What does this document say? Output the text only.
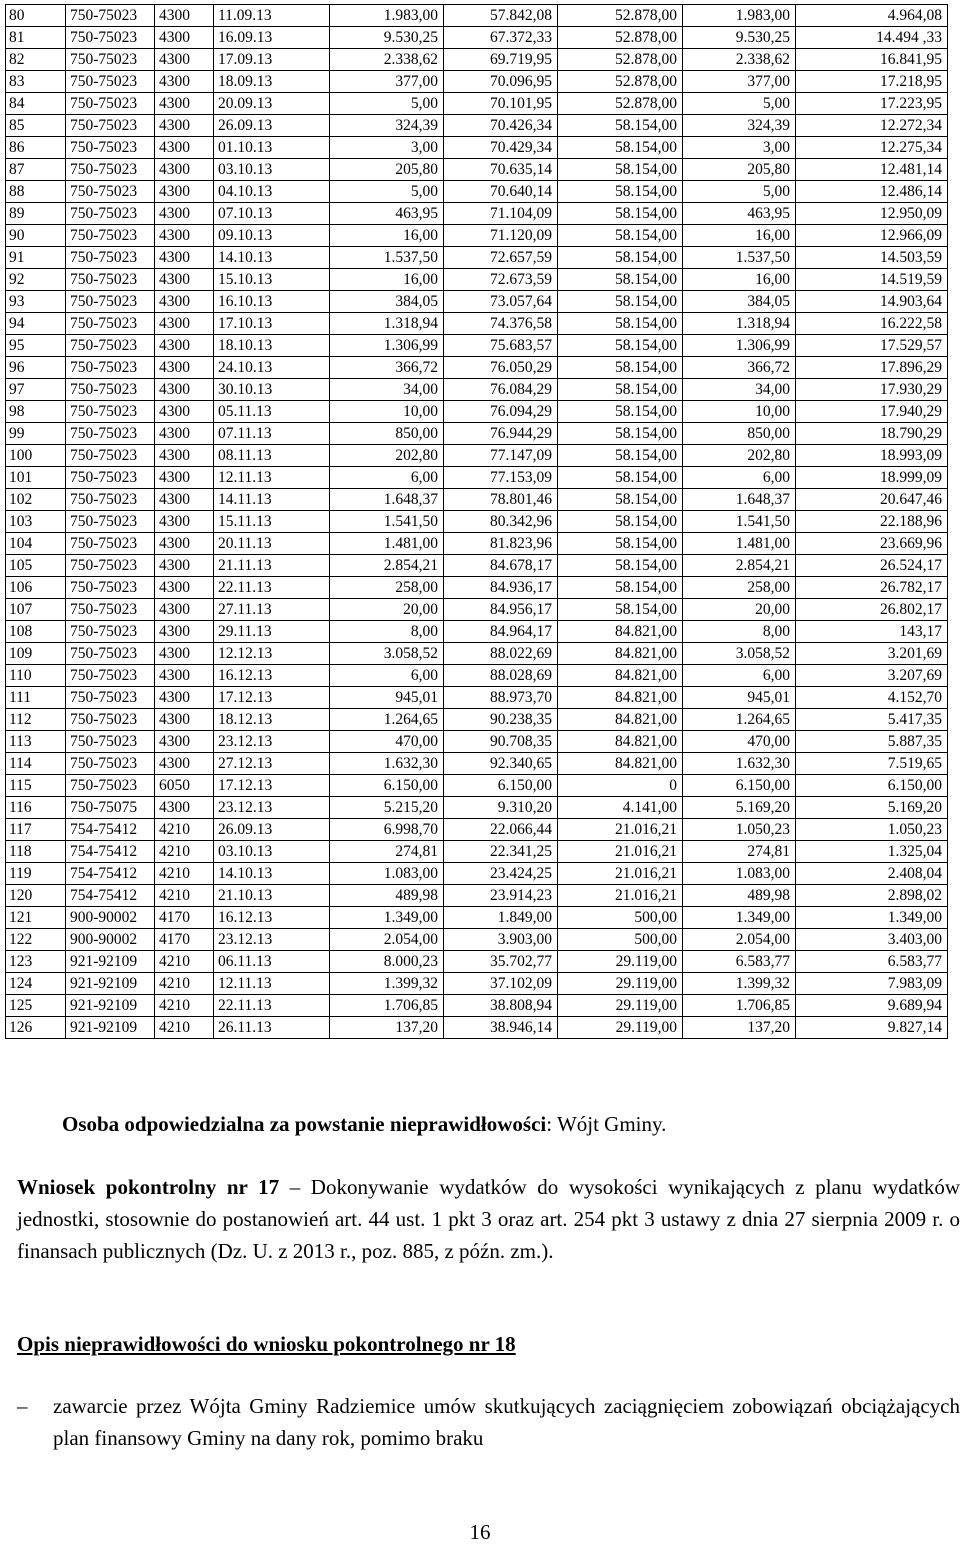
80	750-75023	4300	11.09.13	1.983,00	57.842,08	52.878,00	1.983,00	4.964,08
81	750-75023	4300	16.09.13	9.530,25	67.372,33	52.878,00	9.530,25	14.494 ,33
82	750-75023	4300	17.09.13	2.338,62	69.719,95	52.878,00	2.338,62	16.841,95
83	750-75023	4300	18.09.13	377,00	70.096,95	52.878,00	377,00	17.218,95
84	750-75023	4300	20.09.13	5,00	70.101,95	52.878,00	5,00	17.223,95
85	750-75023	4300	26.09.13	324,39	70.426,34	58.154,00	324,39	12.272,34
86	750-75023	4300	01.10.13	3,00	70.429,34	58.154,00	3,00	12.275,34
87	750-75023	4300	03.10.13	205,80	70.635,14	58.154,00	205,80	12.481,14
88	750-75023	4300	04.10.13	5,00	70.640,14	58.154,00	5,00	12.486,14
89	750-75023	4300	07.10.13	463,95	71.104,09	58.154,00	463,95	12.950,09
90	750-75023	4300	09.10.13	16,00	71.120,09	58.154,00	16,00	12.966,09
91	750-75023	4300	14.10.13	1.537,50	72.657,59	58.154,00	1.537,50	14.503,59
92	750-75023	4300	15.10.13	16,00	72.673,59	58.154,00	16,00	14.519,59
93	750-75023	4300	16.10.13	384,05	73.057,64	58.154,00	384,05	14.903,64
94	750-75023	4300	17.10.13	1.318,94	74.376,58	58.154,00	1.318,94	16.222,58
95	750-75023	4300	18.10.13	1.306,99	75.683,57	58.154,00	1.306,99	17.529,57
96	750-75023	4300	24.10.13	366,72	76.050,29	58.154,00	366,72	17.896,29
97	750-75023	4300	30.10.13	34,00	76.084,29	58.154,00	34,00	17.930,29
98	750-75023	4300	05.11.13	10,00	76.094,29	58.154,00	10,00	17.940,29
99	750-75023	4300	07.11.13	850,00	76.944,29	58.154,00	850,00	18.790,29
100	750-75023	4300	08.11.13	202,80	77.147,09	58.154,00	202,80	18.993,09
101	750-75023	4300	12.11.13	6,00	77.153,09	58.154,00	6,00	18.999,09
102	750-75023	4300	14.11.13	1.648,37	78.801,46	58.154,00	1.648,37	20.647,46
103	750-75023	4300	15.11.13	1.541,50	80.342,96	58.154,00	1.541,50	22.188,96
104	750-75023	4300	20.11.13	1.481,00	81.823,96	58.154,00	1.481,00	23.669,96
105	750-75023	4300	21.11.13	2.854,21	84.678,17	58.154,00	2.854,21	26.524,17
106	750-75023	4300	22.11.13	258,00	84.936,17	58.154,00	258,00	26.782,17
107	750-75023	4300	27.11.13	20,00	84.956,17	58.154,00	20,00	26.802,17
108	750-75023	4300	29.11.13	8,00	84.964,17	84.821,00	8,00	143,17
109	750-75023	4300	12.12.13	3.058,52	88.022,69	84.821,00	3.058,52	3.201,69
110	750-75023	4300	16.12.13	6,00	88.028,69	84.821,00	6,00	3.207,69
111	750-75023	4300	17.12.13	945,01	88.973,70	84.821,00	945,01	4.152,70
112	750-75023	4300	18.12.13	1.264,65	90.238,35	84.821,00	1.264,65	5.417,35
113	750-75023	4300	23.12.13	470,00	90.708,35	84.821,00	470,00	5.887,35
114	750-75023	4300	27.12.13	1.632,30	92.340,65	84.821,00	1.632,30	7.519,65
115	750-75023	6050	17.12.13	6.150,00	6.150,00	0	6.150,00	6.150,00
116	750-75075	4300	23.12.13	5.215,20	9.310,20	4.141,00	5.169,20	5.169,20
117	754-75412	4210	26.09.13	6.998,70	22.066,44	21.016,21	1.050,23	1.050,23
118	754-75412	4210	03.10.13	274,81	22.341,25	21.016,21	274,81	1.325,04
119	754-75412	4210	14.10.13	1.083,00	23.424,25	21.016,21	1.083,00	2.408,04
120	754-75412	4210	21.10.13	489,98	23.914,23	21.016,21	489,98	2.898,02
121	900-90002	4170	16.12.13	1.349,00	1.849,00	500,00	1.349,00	1.349,00
122	900-90002	4170	23.12.13	2.054,00	3.903,00	500,00	2.054,00	3.403,00
123	921-92109	4210	06.11.13	8.000,23	35.702,77	29.119,00	6.583,77	6.583,77
124	921-92109	4210	12.11.13	1.399,32	37.102,09	29.119,00	1.399,32	7.983,09
125	921-92109	4210	22.11.13	1.706,85	38.808,94	29.119,00	1.706,85	9.689,94
126	921-92109	4210	26.11.13	137,20	38.946,14	29.119,00	137,20	9.827,14
Osoba odpowiedzialna za powstanie nieprawidłowości: Wójt Gminy.
Wniosek pokontrolny nr 17 – Dokonywanie wydatków do wysokości wynikających z planu wydatków jednostki, stosownie do postanowień art. 44 ust. 1 pkt 3 oraz art. 254 pkt 3 ustawy z dnia 27 sierpnia 2009 r. o finansach publicznych (Dz. U. z 2013 r., poz. 885, z późn. zm.).
Opis nieprawidłowości do wniosku pokontrolnego nr 18
– zawarcie przez Wójta Gminy Radziemice umów skutkujących zaciągnięciem zobowiązań obciążających plan finansowy Gminy na dany rok, pomimo braku
16
